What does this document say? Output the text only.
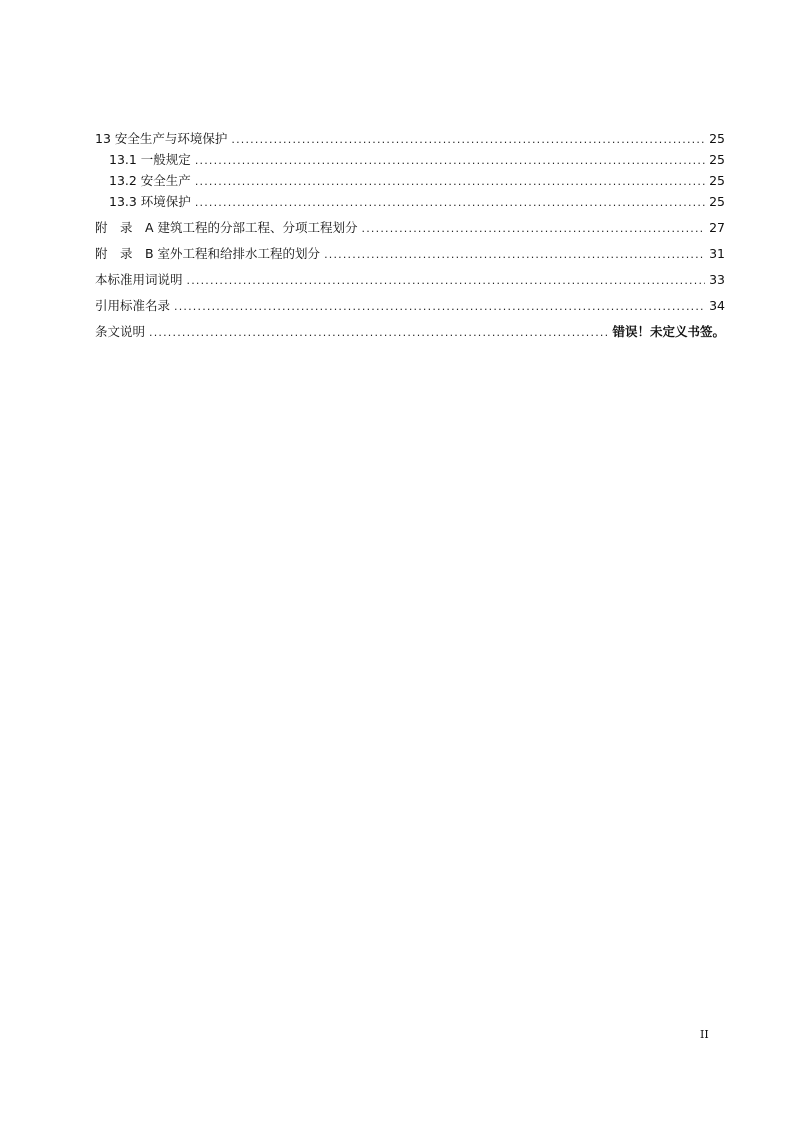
13 安全生产与环境保护 .....	25
13.1 一般规定 .....	25
13.2 安全生产 .....	25
13.3 环境保护 .....	25
附　录　A 建筑工程的分部工程、分项工程划分 .....	27
附　录　B 室外工程和给排水工程的划分 .....	31
本标准用词说明 .....	33
引用标准名录 .....	34
条文说明 .....	错误！未定义书签。
II
